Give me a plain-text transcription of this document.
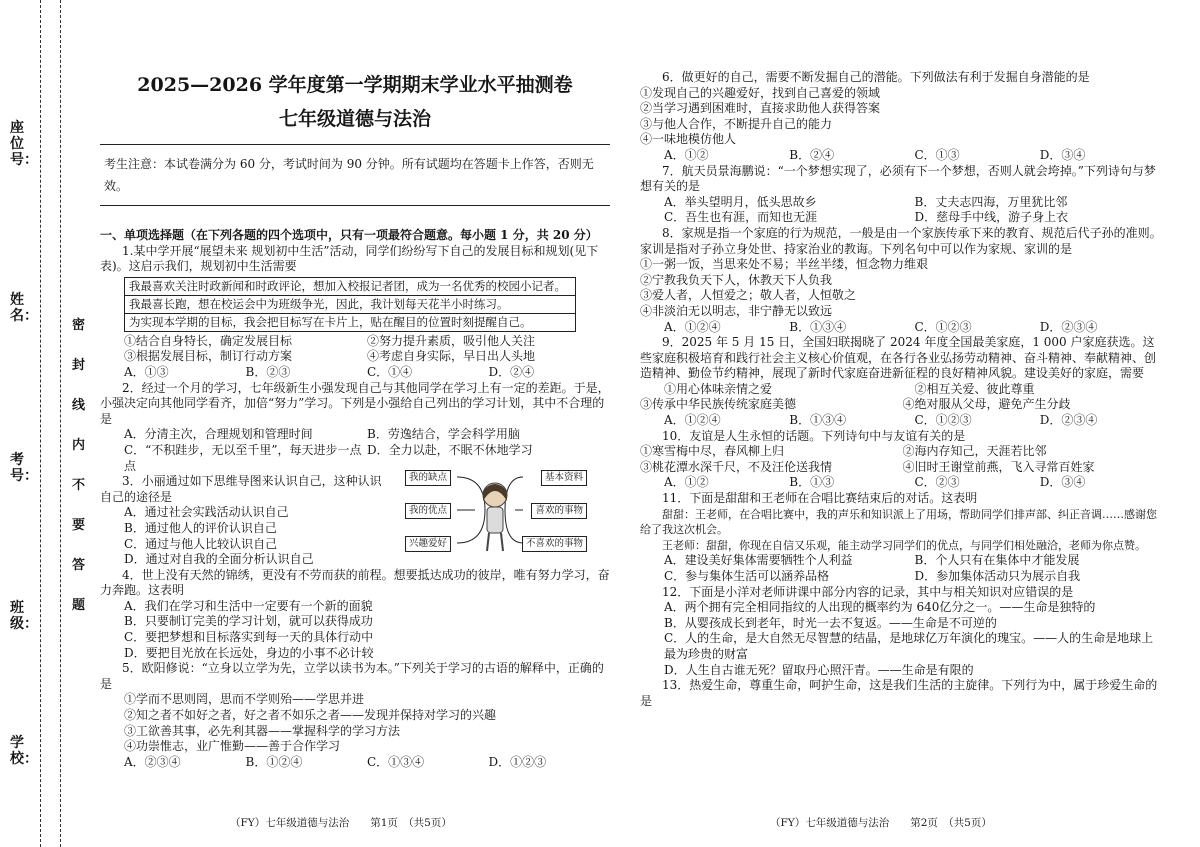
座位号：
姓名：
考号：
班级：
学校：
密
封
线
内
不
要
答
题
2025—2026 学年度第一学期期末学业水平抽测卷
七年级道德与法治
考生注意：本试卷满分为 60 分，考试时间为 90 分钟。所有试题均在答题卡上作答，否则无效。

一、单项选择题（在下列各题的四个选项中，只有一项最符合题意。每小题 1 分，共 20 分）

1.某中学开展“展望未来 规划初中生活”活动，同学们纷纷写下自己的发展目标和规划(见下表)。这启示我们，规划初中生活需要

我最喜欢关注时政新闻和时政评论，想加入校报记者团，成为一名优秀的校园小记者。
我最喜长跑，想在校运会中为班级争光，因此，我计划每天花半小时练习。
为实现本学期的目标，我会把目标写在卡片上，贴在醒目的位置时刻提醒自己。
①结合自身特长，确定发展目标	②努力提升素质，吸引他人关注
③根据发展目标，制订行动方案	④考虑自身实际，早日出人头地
A．①③	B．②③	C．①④	D．②④

2．经过一个月的学习，七年级新生小强发现自己与其他同学在学习上有一定的差距。于是，小强决定向其他同学看齐，加倍“努力”学习。下列是小强给自己列出的学习计划，其中不合理的是

A．分清主次，合理规划和管理时间	B．劳逸结合，学会科学用脑
C．“不积跬步，无以至千里”，每天进步一点点
D．全力以赴，不眠不休地学习

3．小丽通过如下思维导图来认识自己，这种认识

自己的途径是

A．通过社会实践活动认识自己

B．通过他人的评价认识自己

C．通过与他人比较认识自己

D．通过对自我的全面分析认识自己

4．世上没有天然的锦绣，更没有不劳而获的前程。想要抵达成功的彼岸，唯有努力学习，奋力奔跑。这表明

A．我们在学习和生活中一定要有一个新的面貌

B．只要制订完美的学习计划，就可以获得成功

C．要把梦想和目标落实到每一天的具体行动中

D．要把目光放在长远处，身边的小事不必计较

5．欧阳修说：“立身以立学为先，立学以读书为本。”下列关于学习的古语的解释中，正确的是

①学而不思则罔，思而不学则殆——学思并进

②知之者不如好之者，好之者不如乐之者——发现并保持对学习的兴趣

③工欲善其事，必先利其器——掌握科学的学习方法

④功崇惟志，业广惟勤——善于合作学习

A．②③④	B．①②④	C．①③④	D．①②③
我的缺点
我的优点
兴趣爱好
基本资料
喜欢的事物
不喜欢的事物

6．做更好的自己，需要不断发掘自己的潜能。下列做法有利于发掘自身潜能的是

①发现自己的兴趣爱好，找到自己喜爱的领域

②当学习遇到困难时，直接求助他人获得答案

③与他人合作，不断提升自己的能力

④一味地模仿他人

A．①②	B．②④	C．①③	D．③④

7．航天员景海鹏说：“一个梦想实现了，必须有下一个梦想，否则人就会垮掉。”下列诗句与梦想有关的是

A．举头望明月，低头思故乡	B．丈夫志四海，万里犹比邻
C．吾生也有涯，而知也无涯	D．慈母手中线，游子身上衣

8．家规是指一个家庭的行为规范，一般是由一个家族传承下来的教育、规范后代子孙的准则。家训是指对子孙立身处世、持家治业的教诲。下列名句中可以作为家规、家训的是

①一粥一饭，当思来处不易；半丝半缕，恒念物力维艰

②宁教我负天下人，休教天下人负我

③爱人者，人恒爱之；敬人者，人恒敬之

④非淡泊无以明志，非宁静无以致远

A．①②④	B．①③④	C．①②③	D．②③④

9．2025 年 5 月 15 日，全国妇联揭晓了 2024 年度全国最美家庭，1 000 户家庭获选。这些家庭积极培育和践行社会主义核心价值观，在各行各业弘扬劳动精神、奋斗精神、奉献精神、创造精神、勤俭节约精神，展现了新时代家庭奋进新征程的良好精神风貌。建设美好的家庭，需要

①用心体味亲情之爱	②相互关爱、彼此尊重
③传承中华民族传统家庭美德	④绝对服从父母，避免产生分歧
A．①②④	B．①③④	C．①②③	D．②③④

10．友谊是人生永恒的话题。下列诗句中与友谊有关的是

①寒雪梅中尽，春风柳上归	②海内存知己，天涯若比邻
③桃花潭水深千尺，不及汪伦送我情	④旧时王谢堂前燕，飞入寻常百姓家
A．①②	B．①③	C．②③	D．③④

11．下面是甜甜和王老师在合唱比赛结束后的对话。这表明

甜甜：王老师，在合唱比赛中，我的声乐和知识派上了用场，帮助同学们排声部、纠正音调……感谢您给了我这次机会。

王老师：甜甜，你现在自信又乐观，能主动学习同学们的优点，与同学们相处融洽，老师为你点赞。

A．建设美好集体需要牺牲个人利益	B．个人只有在集体中才能发展
C．参与集体生活可以涵养品格	D．参加集体活动只为展示自我

12．下面是小洋对老师讲课中部分内容的记录，其中与相关知识对应错误的是

A．两个拥有完全相同指纹的人出现的概率约为 640亿分之一。——生命是独特的

B．从婴孩成长到老年，时光一去不复返。——生命是不可逆的

C．人的生命，是大自然无尽智慧的结晶，是地球亿万年演化的瑰宝。——人的生命是地球上最为珍贵的财富

D．人生自古谁无死？留取丹心照汗青。——生命是有限的

13．热爱生命，尊重生命，呵护生命，这是我们生活的主旋律。下列行为中，属于珍爱生命的是

（FY）七年级道德与法治　　第1页　（共5页）	（FY）七年级道德与法治　　第2页　（共5页）
